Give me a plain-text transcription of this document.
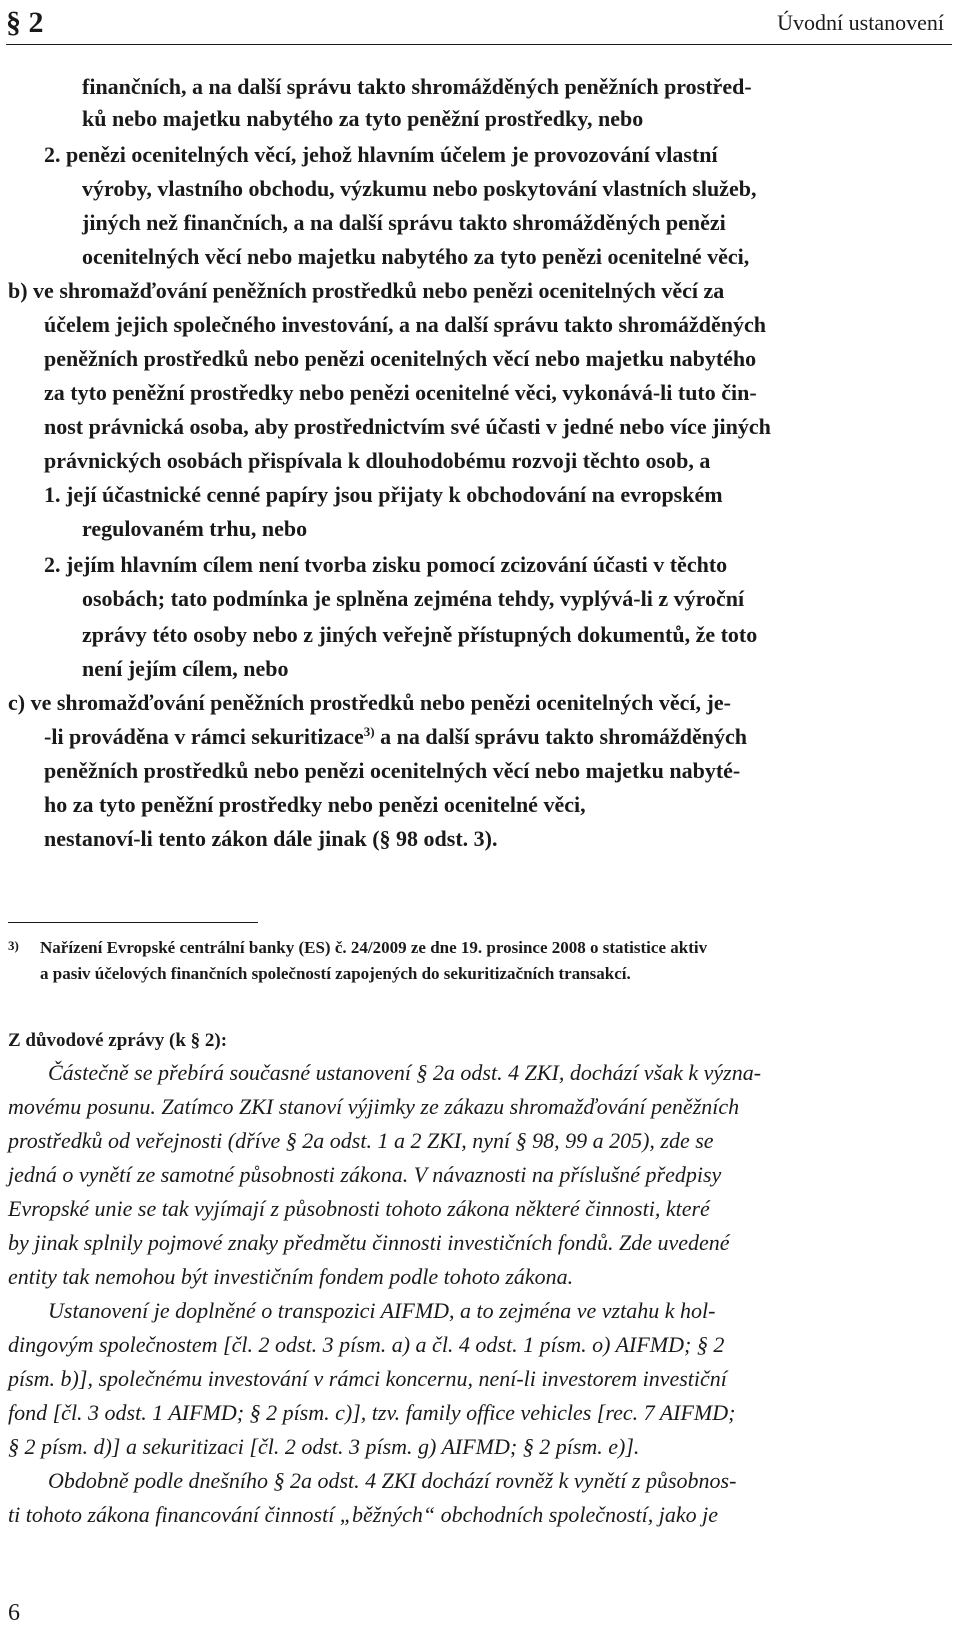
§ 2	Úvodní ustanovení
finančních, a na další správu takto shromážděných peněžních prostřed-
ků nebo majetku nabytého za tyto peněžní prostředky, nebo
2. penězi ocenitelných věcí, jehož hlavním účelem je provozování vlastní
výroby, vlastního obchodu, výzkumu nebo poskytování vlastních služeb,
jiných než finančních, a na další správu takto shromážděných penězi
ocenitelných věcí nebo majetku nabytého za tyto penězi ocenitelné věci,
b) ve shromažďování peněžních prostředků nebo penězi ocenitelných věcí za
účelem jejich společného investování, a na další správu takto shromážděných
peněžních prostředků nebo penězi ocenitelných věcí nebo majetku nabytého
za tyto peněžní prostředky nebo penězi ocenitelné věci, vykonává-li tuto čin-
nost právnická osoba, aby prostřednictvím své účasti v jedné nebo více jiných
právnických osobách přispívala k dlouhodobému rozvoji těchto osob, a
1. její účastnické cenné papíry jsou přijaty k obchodování na evropském
regulovaném trhu, nebo
2. jejím hlavním cílem není tvorba zisku pomocí zcizování účasti v těchto
osobách; tato podmínka je splněna zejména tehdy, vyplývá-li z výroční
zprávy této osoby nebo z jiných veřejně přístupných dokumentů, že toto
není jejím cílem, nebo
c) ve shromažďování peněžních prostředků nebo penězi ocenitelných věcí, je-
-li prováděna v rámci sekuritizace$^{3)}$ a na další správu takto shromážděných
peněžních prostředků nebo penězi ocenitelných věcí nebo majetku nabyté-
ho za tyto peněžní prostředky nebo penězi ocenitelné věci,
nestanoví-li tento zákon dále jinak (§ 98 odst. 3).
3) Nařízení Evropské centrální banky (ES) č. 24/2009 ze dne 19. prosince 2008 o statistice aktiv
a pasiv účelových finančních společností zapojených do sekuritizačních transakcí.
Z důvodové zprávy (k § 2):
Částečně se přebírá současné ustanovení § 2a odst. 4 ZKI, dochází však k význa-
movému posunu. Zatímco ZKI stanoví výjimky ze zákazu shromažďování peněžních
prostředků od veřejnosti (dříve § 2a odst. 1 a 2 ZKI, nyní § 98, 99 a 205), zde se
jedná o vynětí ze samotné působnosti zákona. V návaznosti na příslušné předpisy
Evropské unie se tak vyjímají z působnosti tohoto zákona některé činnosti, které
by jinak splnily pojmové znaky předmětu činnosti investičních fondů. Zde uvedené
entity tak nemohou být investičním fondem podle tohoto zákona.
Ustanovení je doplněné o transpozici AIFMD, a to zejména ve vztahu k hol-
dingovým společnostem [čl. 2 odst. 3 písm. a) a čl. 4 odst. 1 písm. o) AIFMD; § 2
písm. b)], společnému investování v rámci koncernu, není-li investorem investiční
fond [čl. 3 odst. 1 AIFMD; § 2 písm. c)], tzv. family office vehicles [rec. 7 AIFMD;
§ 2 písm. d)] a sekuritizaci [čl. 2 odst. 3 písm. g) AIFMD; § 2 písm. e)].
Obdobně podle dnešního § 2a odst. 4 ZKI dochází rovněž k vynětí z působnos-
ti tohoto zákona financování činností „běžných“ obchodních společností, jako je
6
